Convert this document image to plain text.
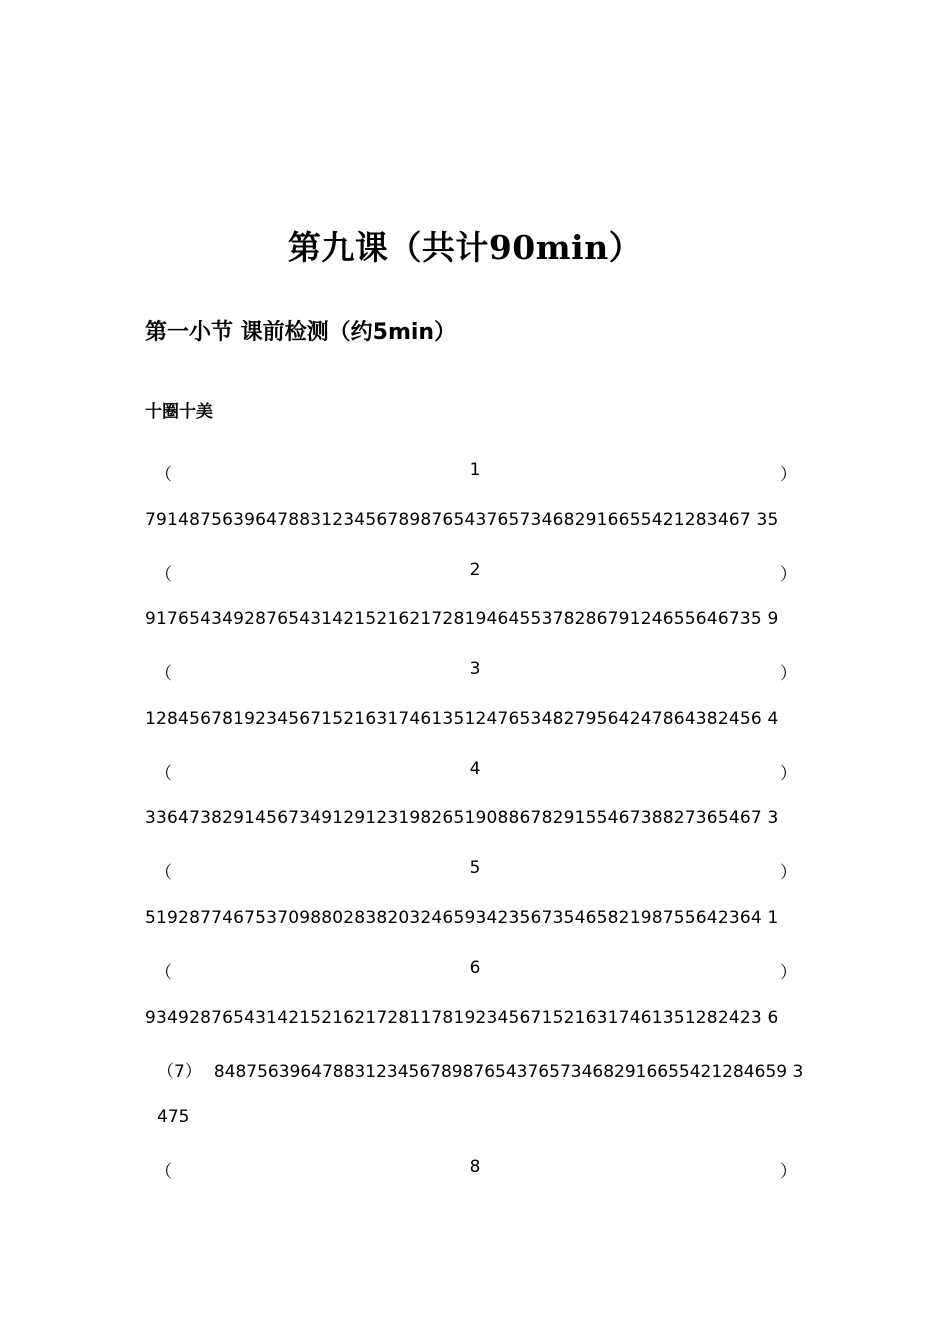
第九课（共计90min）
第一小节 课前检测（约5min）
十圈十美
（	1	）
7914875639647883123456789876543765734682916655421283467 35
（	2	）
91765434928765431421521621728194645537828679124655646735 9
（	3	）
12845678192345671521631746135124765348279564247864382456 4
（	4	）
33647382914567349129123198265190886782915546738827365467 3
（	5	）
51928774675370988028382032465934235673546582198755642364 1
（	6	）
93492876543142152162172811781923456715216317461351282423 6
（7） 84875639647883123456789876543765734682916655421284659 3
475
（	8	）
